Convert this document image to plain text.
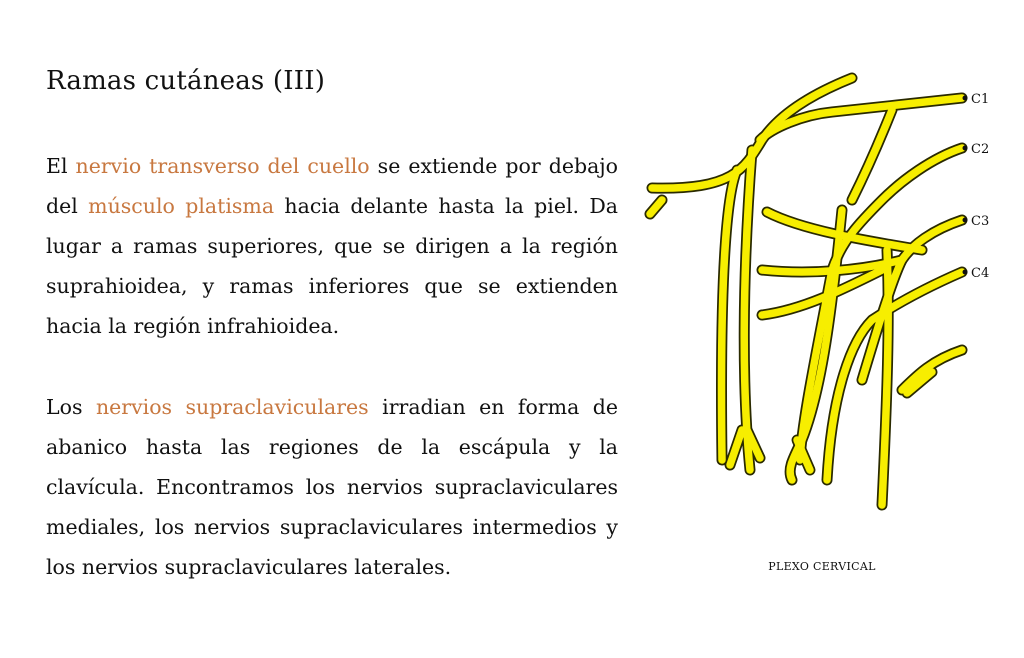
Ramas cutáneas (III)

El nervio transverso del cuello se extiende por debajo del músculo platisma hacia delante hasta la piel. Da lugar a ramas superiores, que se dirigen a la región suprahioidea, y ramas inferiores que se extienden hacia la región infrahioidea.

Los nervios supraclaviculares irradian en forma de abanico hasta las regiones de la escápula y la clavícula. Encontramos los nervios supraclaviculares mediales, los nervios supraclaviculares intermedios y los nervios supraclaviculares laterales.

C1
C2
C3
C4
PLEXO CERVICAL
